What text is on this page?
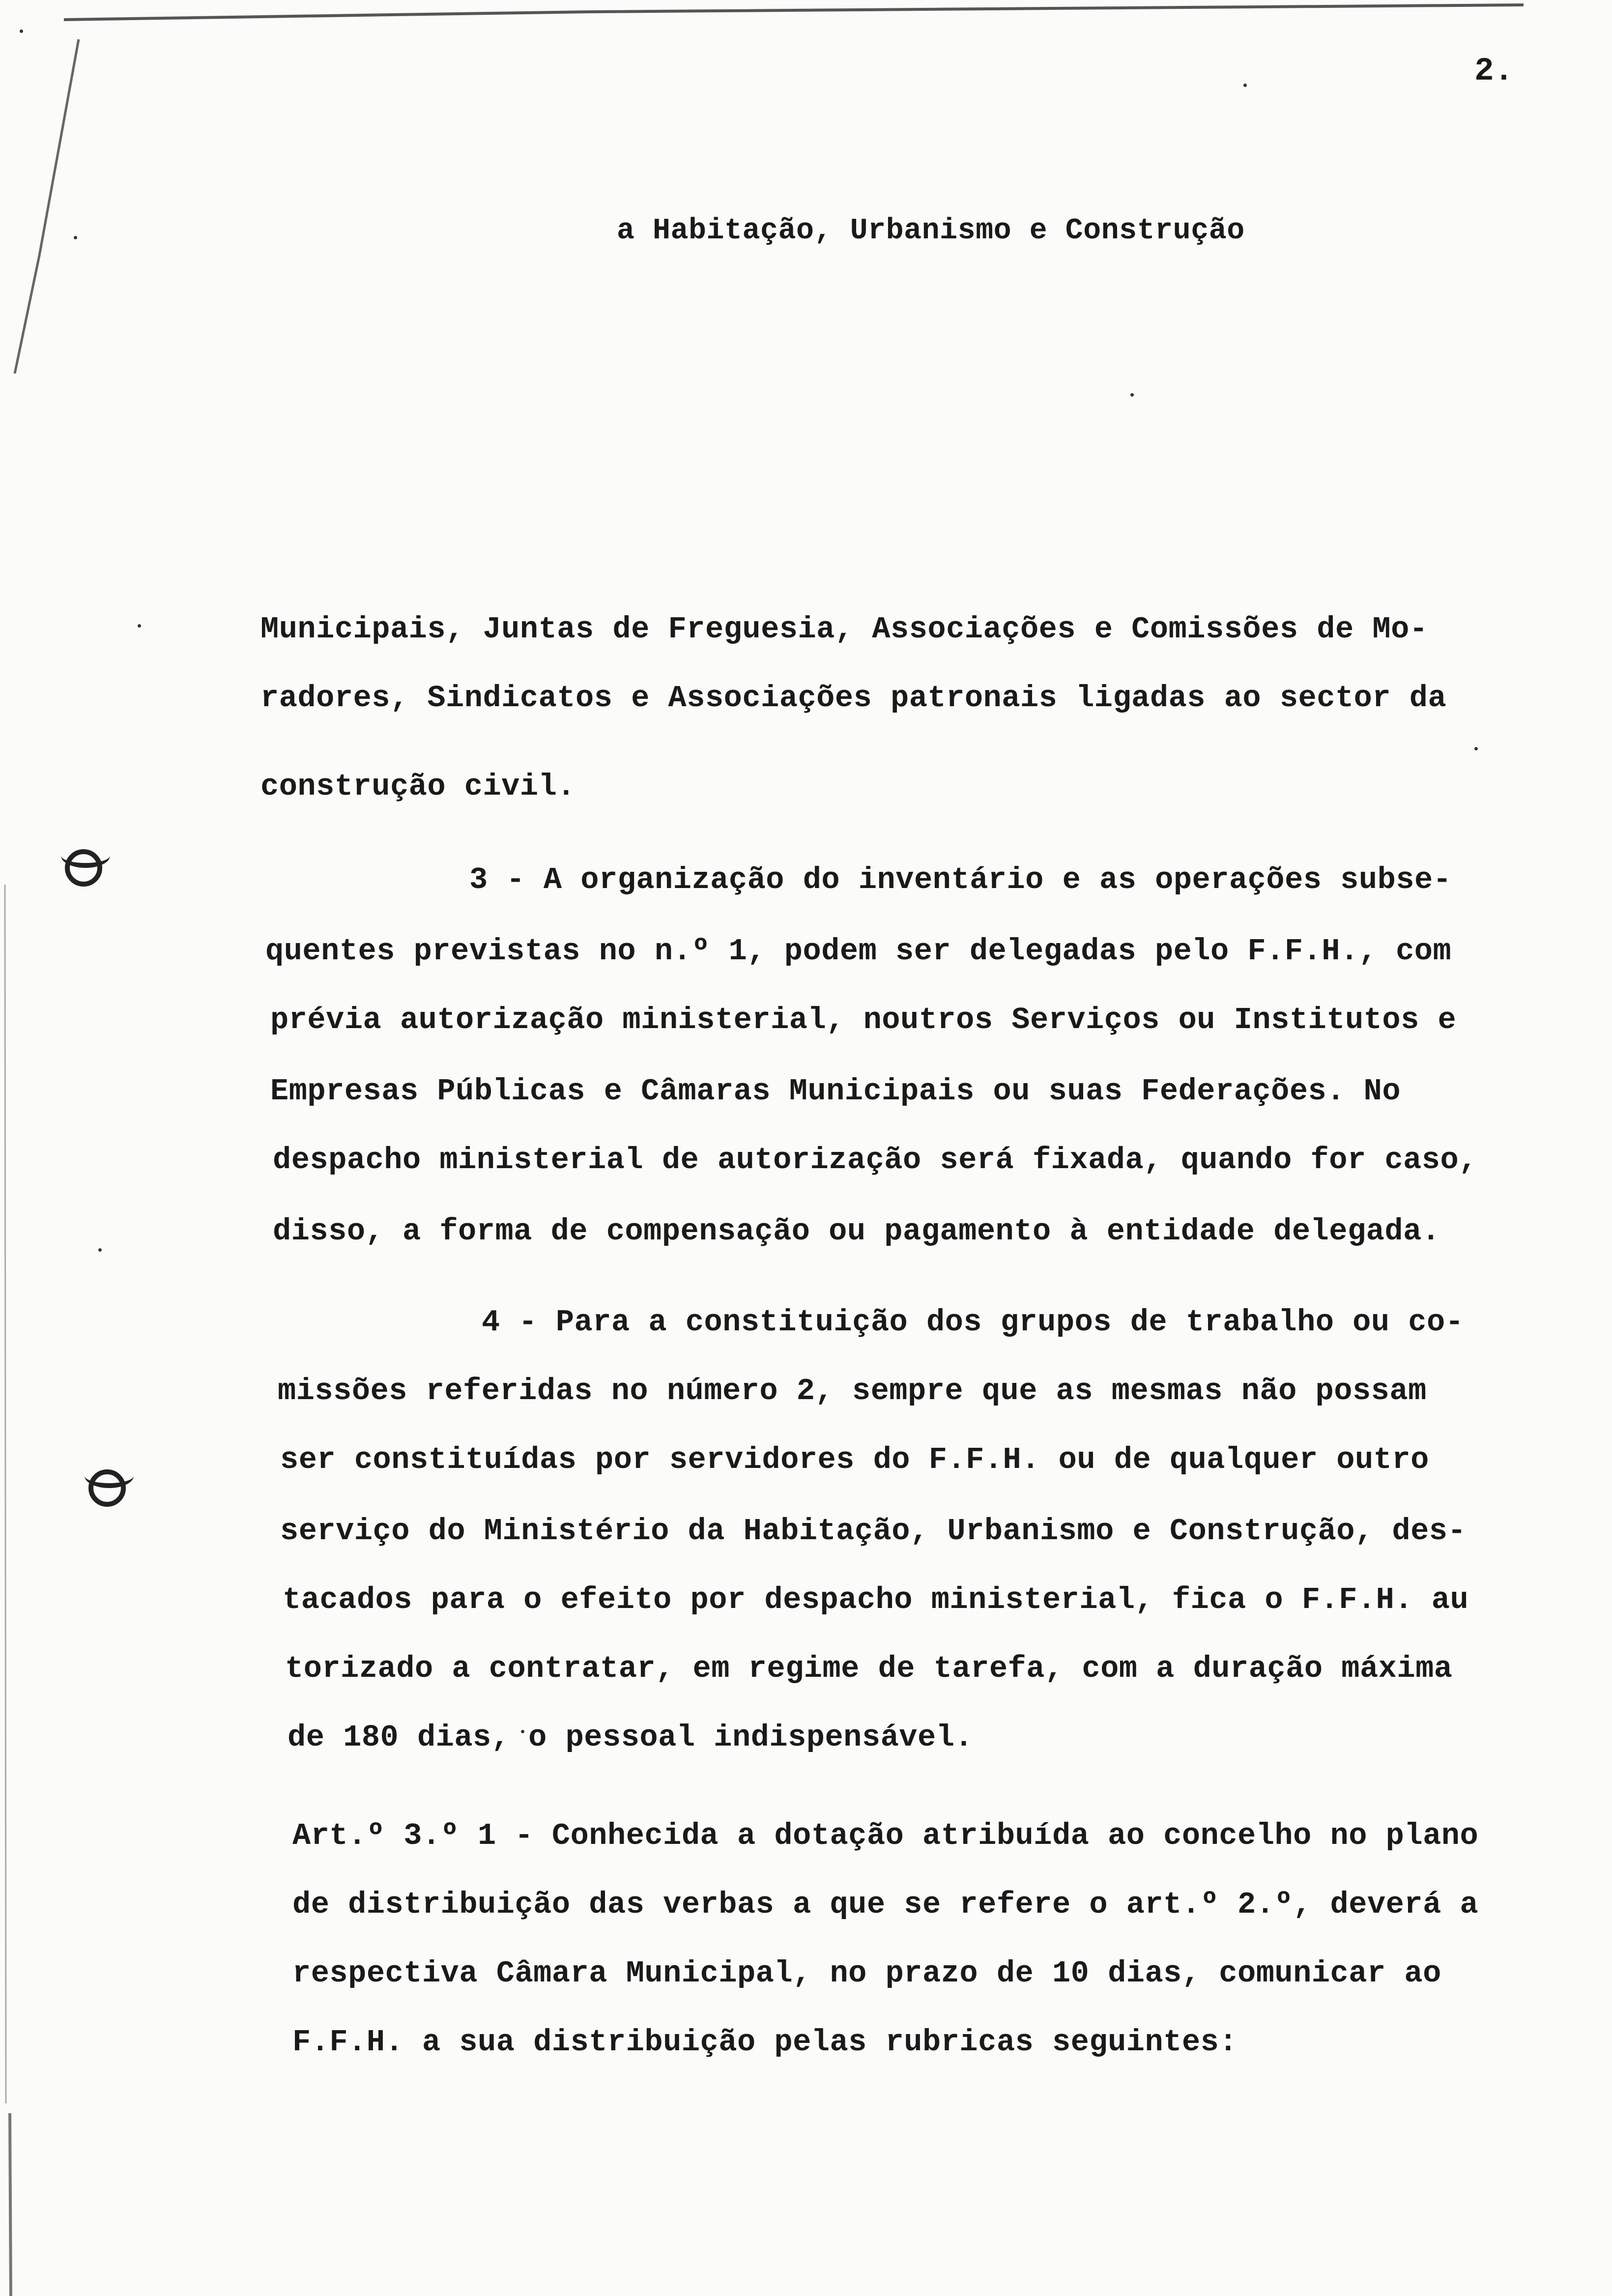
2.
a Habitação, Urbanismo e Construção
Municipais, Juntas de Freguesia, Associações e Comissões de Mo-
radores, Sindicatos e Associações patronais ligadas ao sector da
construção civil.
3 - A organização do inventário e as operações subse-
quentes previstas no n.º 1, podem ser delegadas pelo F.F.H., com
prévia autorização ministerial, noutros Serviços ou Institutos e
Empresas Públicas e Câmaras Municipais ou suas Federações. No
despacho ministerial de autorização será fixada, quando for caso,
disso, a forma de compensação ou pagamento à entidade delegada.
4 - Para a constituição dos grupos de trabalho ou co-
missões referidas no número 2, sempre que as mesmas não possam
ser constituídas por servidores do F.F.H. ou de qualquer outro
serviço do Ministério da Habitação, Urbanismo e Construção, des-
tacados para o efeito por despacho ministerial, fica o F.F.H. au
torizado a contratar, em regime de tarefa, com a duração máxima
de 180 dias, o pessoal indispensável.
Art.º 3.º 1 - Conhecida a dotação atribuída ao concelho no plano
de distribuição das verbas a que se refere o art.º 2.º, deverá a
respectiva Câmara Municipal, no prazo de 10 dias, comunicar ao
F.F.H. a sua distribuição pelas rubricas seguintes:
